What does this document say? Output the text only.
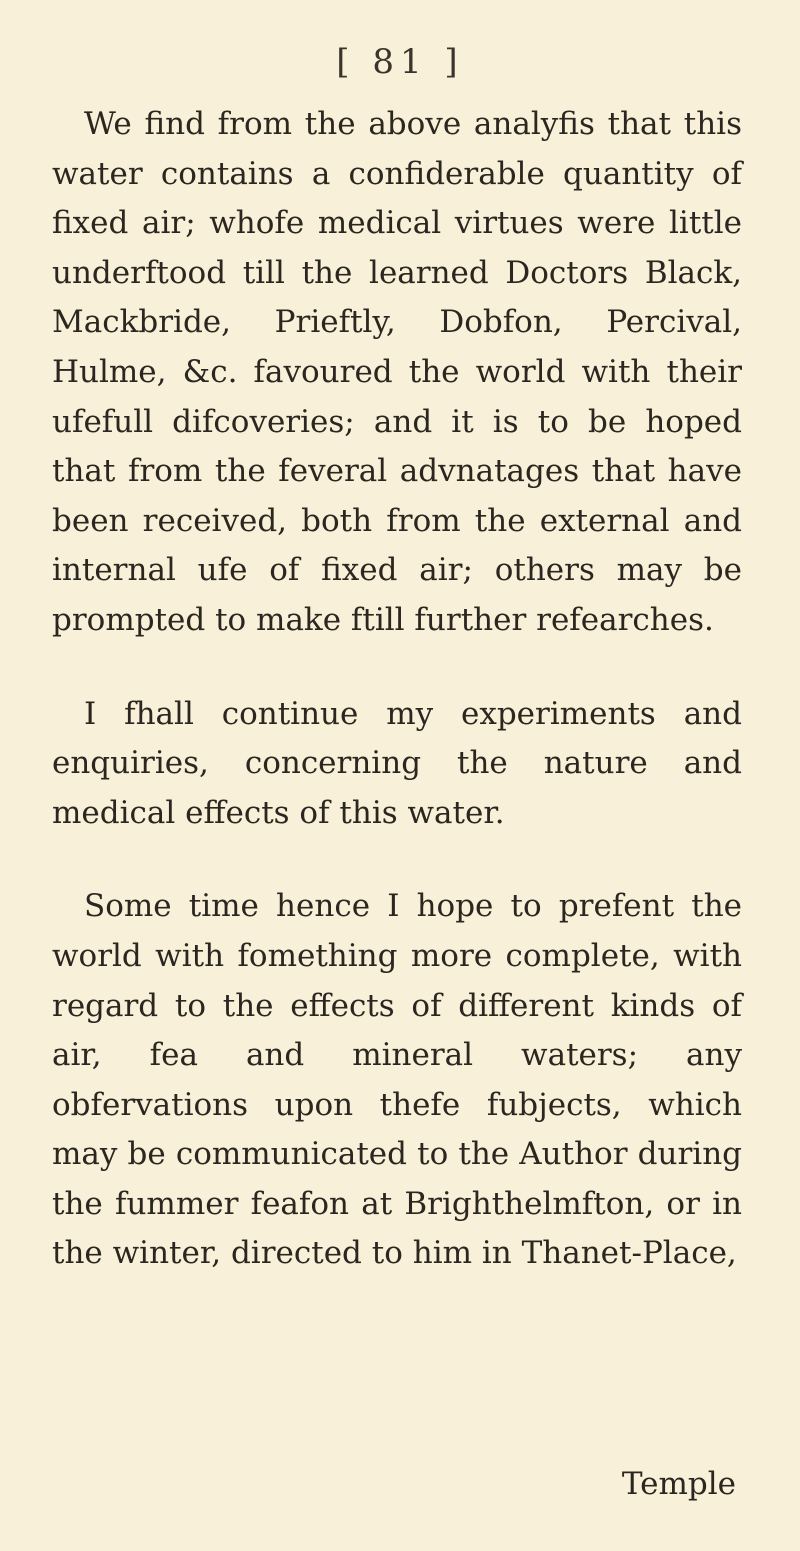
[ 81 ]

We find from the above analyfis that this water contains a confiderable quantity of fixed air; whofe medical virtues were little underftood till the learned Doctors Black, Mackbride, Prieftly, Dobfon, Percival, Hulme, &c. favoured the world with their ufefull difcoveries; and it is to be hoped that from the feveral advnatages that have been received, both from the external and internal ufe of fixed air; others may be prompted to make ftill further refearches.

I fhall continue my experiments and enquiries, concerning the nature and medical effects of this water.

Some time hence I hope to prefent the world with fomething more complete, with regard to the effects of different kinds of air, fea and mineral waters; any obfervations upon thefe fubjects, which may be communicated to the Author during the fummer feafon at Brighthelmfton, or in the winter, directed to him in Thanet-Place,

Temple
